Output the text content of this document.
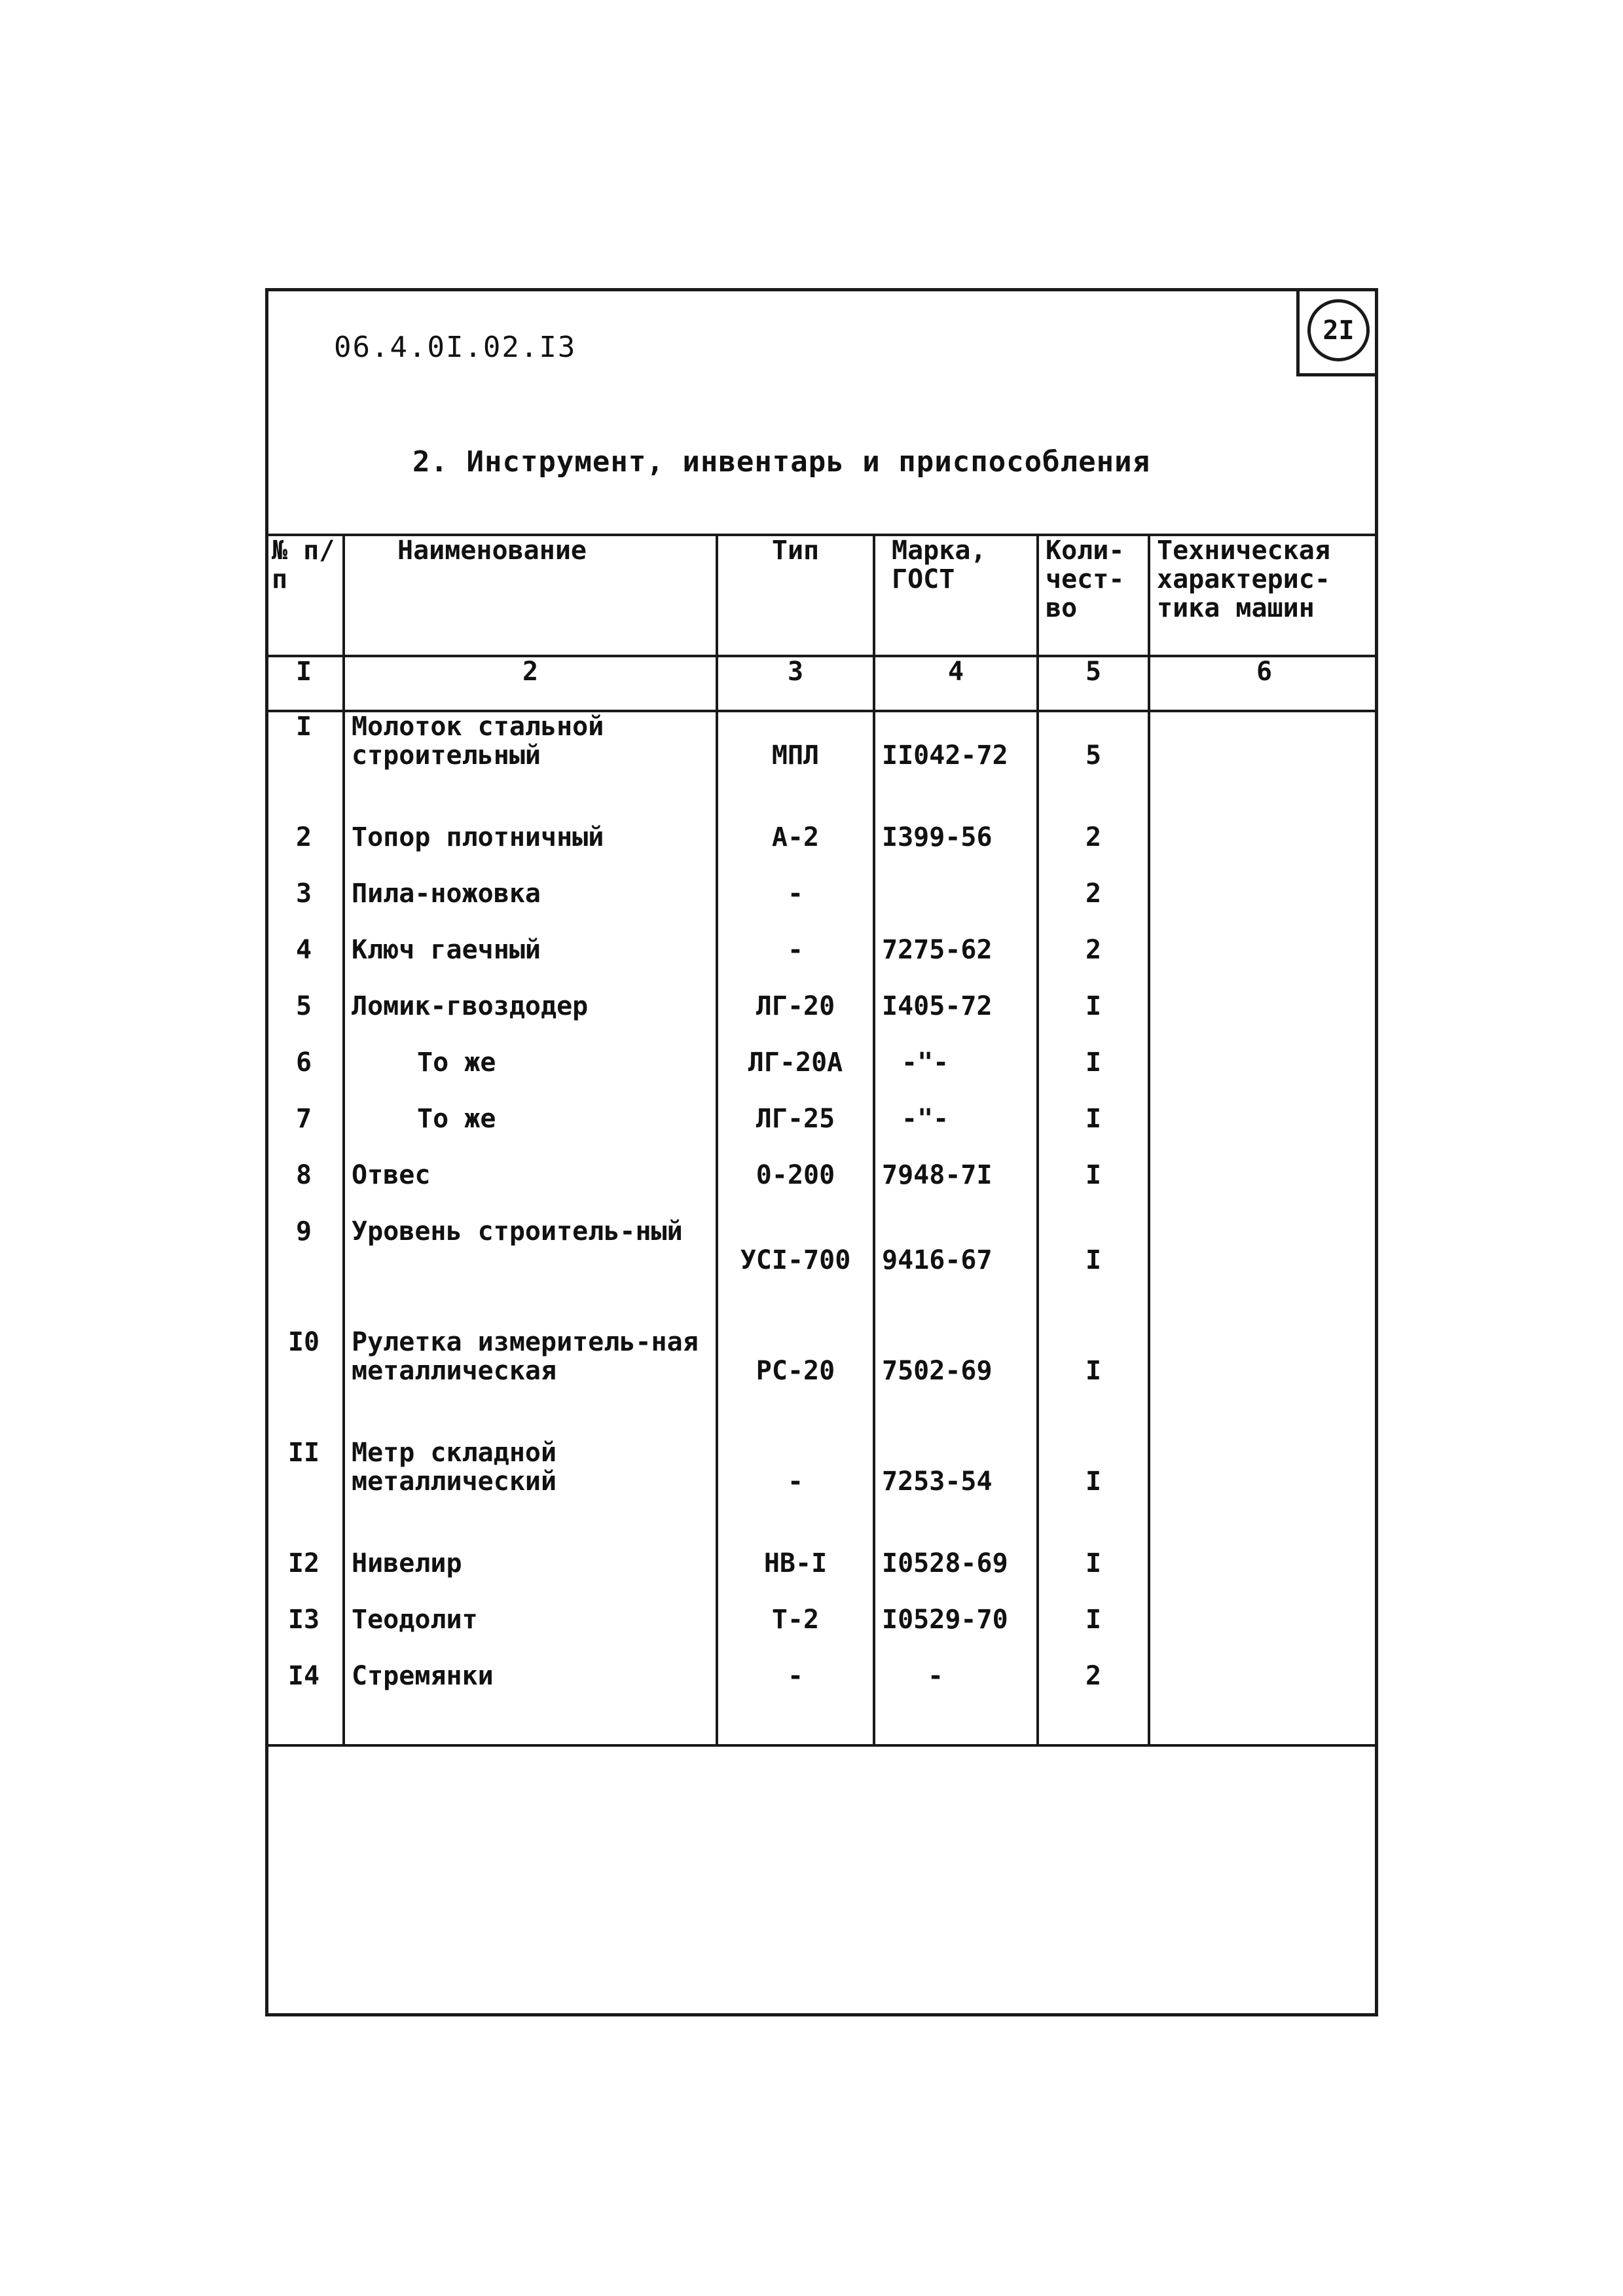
06.4.0I.02.I3
2I
2. Инструмент, инвентарь и приспособления
№ п/п	Наименование	Тип	Марка, ГОСТ	Коли-чест-во	Техническая характерис-тика машин
I	2	3	4	5	6
I	Молоток стальной строительный	МПЛ	II042-72	5	
2	Топор плотничный	А-2	I399-56	2	
3	Пила-ножовка	-		2	
4	Ключ гаечный	-	7275-62	2	
5	Ломик-гвоздодер	ЛГ-20	I405-72	I	
6	То же	ЛГ-20А	-"-	I	
7	То же	ЛГ-25	-"-	I	
8	Отвес	0-200	7948-7I	I	
9	Уровень строитель-ный	УСI-700	9416-67	I	
I0	Рулетка измеритель-ная металлическая	РС-20	7502-69	I	
II	Метр складной металлический	-	7253-54	I	
I2	Нивелир	НВ-I	I0528-69	I	
I3	Теодолит	Т-2	I0529-70	I	
I4	Стремянки	-	-	2	
